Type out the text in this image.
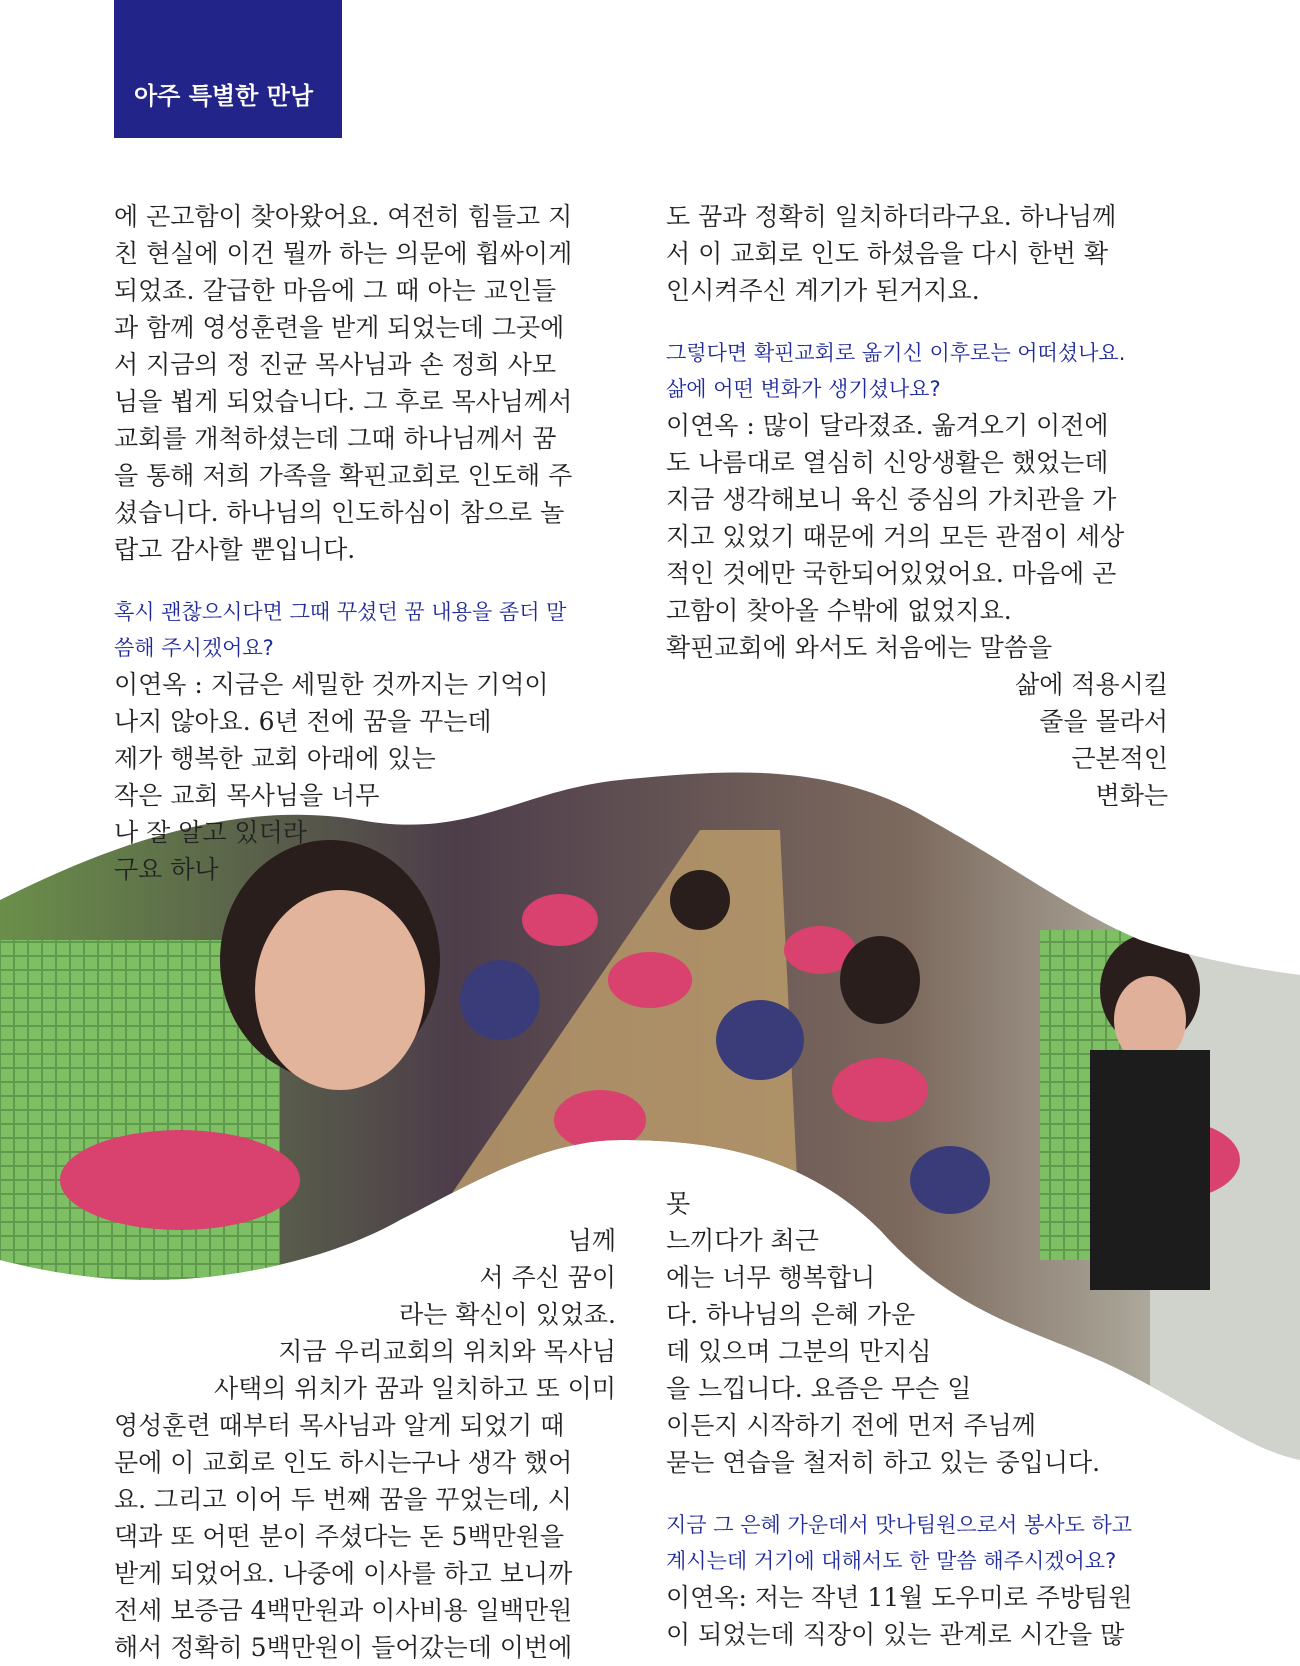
아주 특별한 만남
에 곤고함이 찾아왔어요. 여전히 힘들고 지
친 현실에 이건 뭘까 하는 의문에 휩싸이게
되었죠. 갈급한 마음에 그 때 아는 교인들
과 함께 영성훈련을 받게 되었는데 그곳에
서 지금의 정 진균 목사님과 손 정희 사모
님을 뵙게 되었습니다. 그 후로 목사님께서
교회를 개척하셨는데 그때 하나님께서 꿈
을 통해 저희 가족을 확핀교회로 인도해 주
셨습니다. 하나님의 인도하심이 참으로 놀
랍고 감사할 뿐입니다.
혹시 괜찮으시다면 그때 꾸셨던 꿈 내용을 좀더 말
씀해 주시겠어요?
이연옥 : 지금은 세밀한 것까지는 기억이
나지 않아요. 6년 전에 꿈을 꾸는데
제가 행복한 교회 아래에 있는
작은 교회 목사님을 너무
나 잘 알고 있더라
구요 하나
도 꿈과 정확히 일치하더라구요. 하나님께
서 이 교회로 인도 하셨음을 다시 한번 확
인시켜주신 계기가 된거지요.
그렇다면 확핀교회로 옮기신 이후로는 어떠셨나요.
삶에 어떤 변화가 생기셨나요?
이연옥 : 많이 달라졌죠. 옮겨오기 이전에
도 나름대로 열심히 신앙생활은 했었는데
지금 생각해보니 육신 중심의 가치관을 가
지고 있었기 때문에 거의 모든 관점이 세상
적인 것에만 국한되어있었어요. 마음에 곤
고함이 찾아올 수밖에 없었지요.
확핀교회에 와서도 처음에는 말씀을
삶에 적용시킬
줄을 몰라서
근본적인
변화는
님께
서 주신 꿈이
라는 확신이 있었죠.
지금 우리교회의 위치와 목사님
사택의 위치가 꿈과 일치하고 또 이미
영성훈련 때부터 목사님과 알게 되었기 때
문에 이 교회로 인도 하시는구나 생각 했어
요. 그리고 이어 두 번째 꿈을 꾸었는데, 시
댁과 또 어떤 분이 주셨다는 돈 5백만원을
받게 되었어요. 나중에 이사를 하고 보니까
전세 보증금 4백만원과 이사비용 일백만원
해서 정확히 5백만원이 들어갔는데 이번에
못
느끼다가 최근
에는 너무 행복합니
다. 하나님의 은혜 가운
데 있으며 그분의 만지심
을 느낍니다. 요즘은 무슨 일
이든지 시작하기 전에 먼저 주님께
묻는 연습을 철저히 하고 있는 중입니다.
지금 그 은혜 가운데서 맛나팀원으로서 봉사도 하고
계시는데 거기에 대해서도 한 말씀 해주시겠어요?
이연옥: 저는 작년 11월 도우미로 주방팀원
이 되었는데 직장이 있는 관계로 시간을 많
